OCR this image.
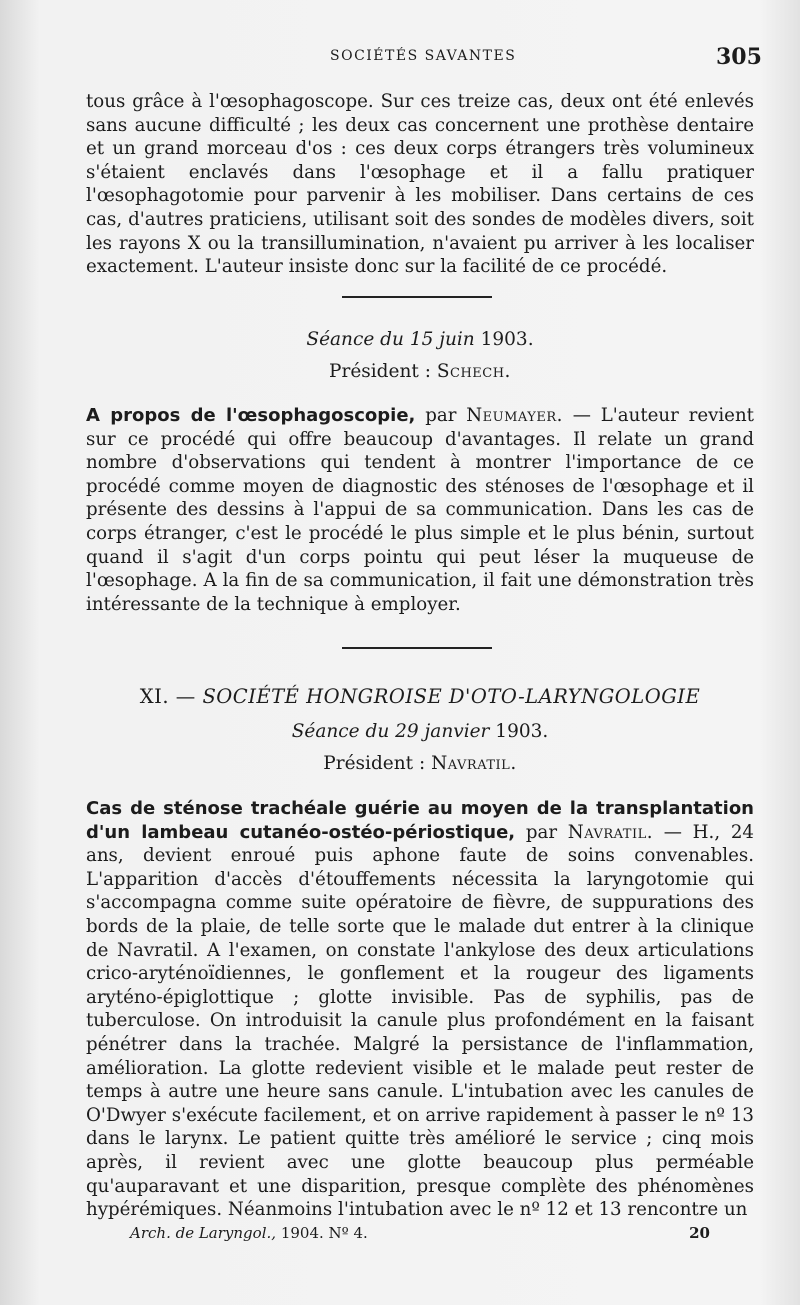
SOCIÉTÉS SAVANTES	305

tous grâce à l'œsophagoscope. Sur ces treize cas, deux ont été enlevés sans aucune difficulté ; les deux cas concernent une prothèse dentaire et un grand morceau d'os : ces deux corps étrangers très volumineux s'étaient enclavés dans l'œsophage et il a fallu pratiquer l'œsophagotomie pour parvenir à les mobiliser. Dans certains de ces cas, d'autres praticiens, utilisant soit des sondes de modèles divers, soit les rayons X ou la transillumination, n'avaient pu arriver à les localiser exactement. L'auteur insiste donc sur la facilité de ce procédé.

Séance du 15 juin 1903.

Président : Schech.

A propos de l'œsophagoscopie, par Neumayer. — L'auteur revient sur ce procédé qui offre beaucoup d'avantages. Il relate un grand nombre d'observations qui tendent à montrer l'importance de ce procédé comme moyen de diagnostic des sténoses de l'œsophage et il présente des dessins à l'appui de sa communication. Dans les cas de corps étranger, c'est le procédé le plus simple et le plus bénin, surtout quand il s'agit d'un corps pointu qui peut léser la muqueuse de l'œsophage. A la fin de sa communication, il fait une démonstration très intéressante de la technique à employer.

XI. — SOCIÉTÉ HONGROISE D'OTO-LARYNGOLOGIE

Séance du 29 janvier 1903.

Président : Navratil.

Cas de sténose trachéale guérie au moyen de la transplantation d'un lambeau cutanéo-ostéo-périostique, par Navratil. — H., 24 ans, devient enroué puis aphone faute de soins convenables. L'apparition d'accès d'étouffements nécessita la laryngotomie qui s'accompagna comme suite opératoire de fièvre, de suppurations des bords de la plaie, de telle sorte que le malade dut entrer à la clinique de Navratil. A l'examen, on constate l'ankylose des deux articulations crico-aryténoïdiennes, le gonflement et la rougeur des ligaments aryténo-épiglottique ; glotte invisible. Pas de syphilis, pas de tuberculose. On introduisit la canule plus profondément en la faisant pénétrer dans la trachée. Malgré la persistance de l'inflammation, amélioration. La glotte redevient visible et le malade peut rester de temps à autre une heure sans canule. L'intubation avec les canules de O'Dwyer s'exécute facilement, et on arrive rapidement à passer le nº 13 dans le larynx. Le patient quitte très amélioré le service ; cinq mois après, il revient avec une glotte beaucoup plus perméable qu'auparavant et une disparition, presque complète des phénomènes hypérémiques. Néanmoins l'intubation avec le nº 12 et 13 rencontre un

Arch. de Laryngol., 1904. Nº 4.	20
